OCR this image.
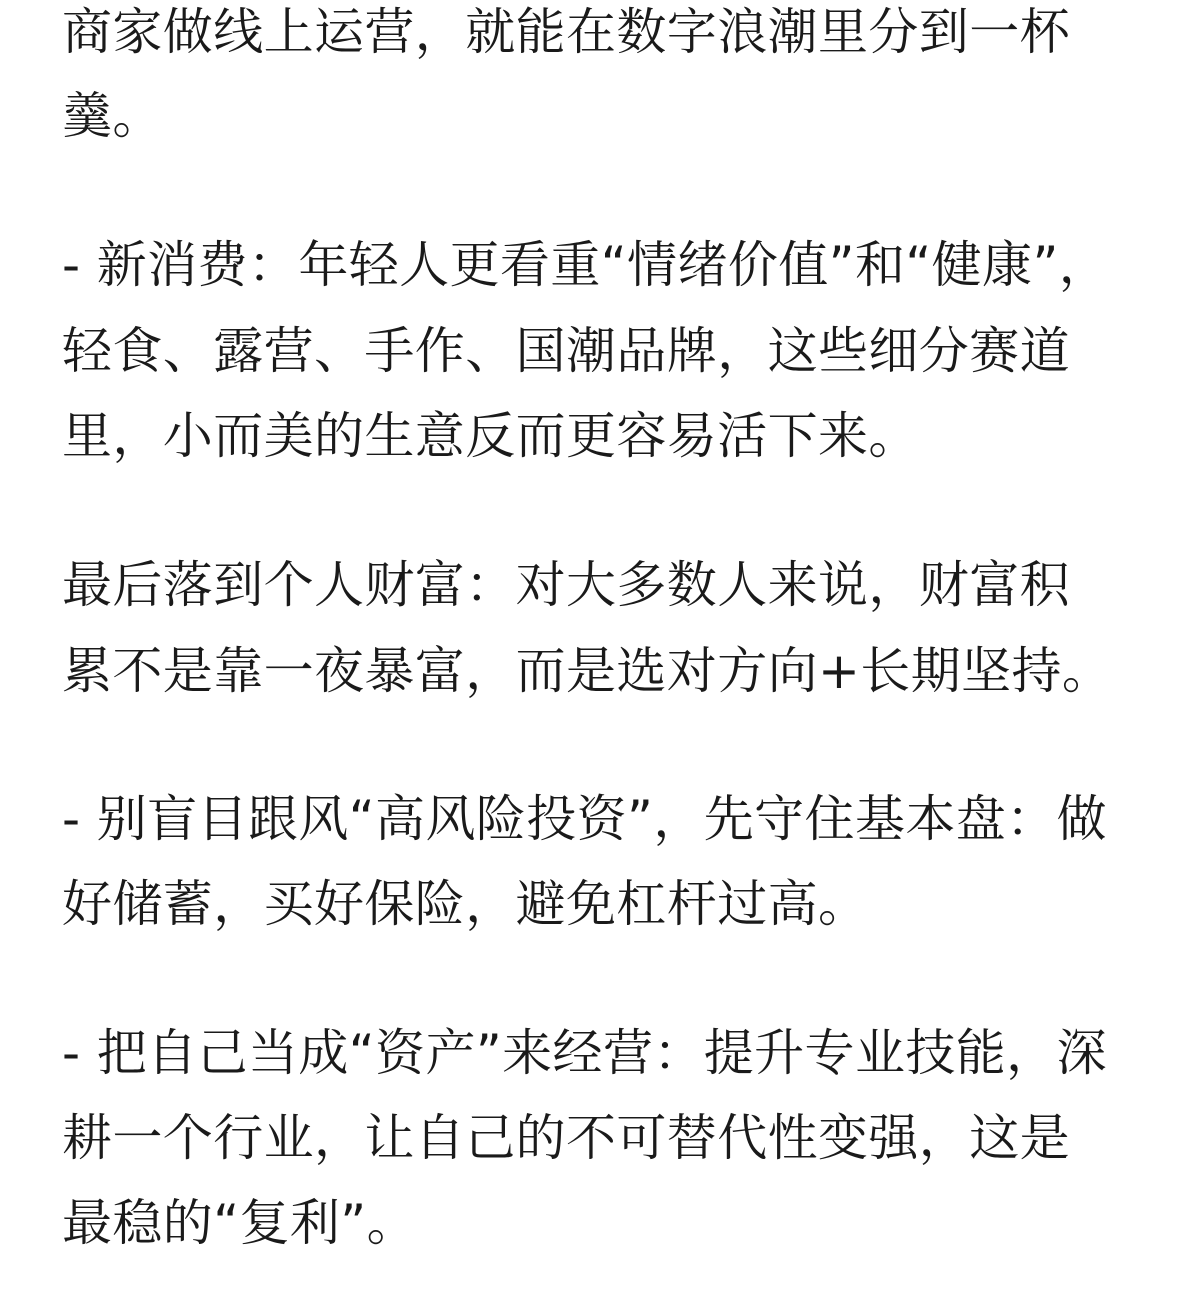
商家做线上运营，就能在数字浪潮里分到一杯
羹。
- 新消费：年轻人更看重“情绪价值”和“健康”，
轻食、露营、手作、国潮品牌，这些细分赛道
里，小而美的生意反而更容易活下来。
最后落到个人财富：对大多数人来说，财富积
累不是靠一夜暴富，而是选对方向+长期坚持。
- 别盲目跟风“高风险投资”，先守住基本盘：做
好储蓄，买好保险，避免杠杆过高。
- 把自己当成“资产”来经营：提升专业技能，深
耕一个行业，让自己的不可替代性变强，这是
最稳的“复利”。
